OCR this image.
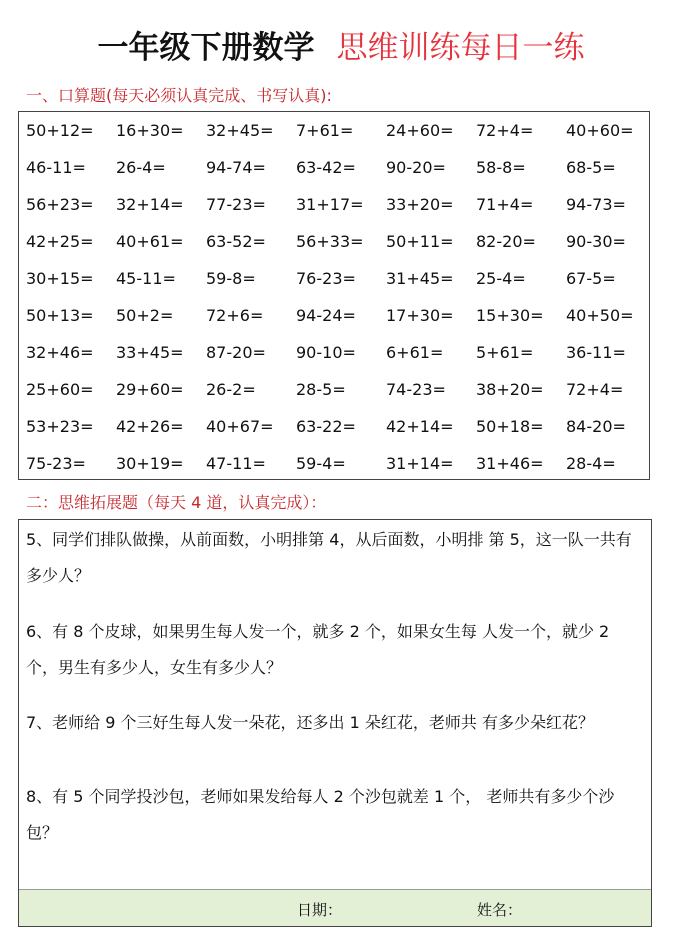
一年级下册数学 思维训练每日一练
一、口算题(每天必须认真完成、书写认真):
50+12=	16+30=	32+45=	7+61=	24+60=	72+4=	40+60=
46-11=	26-4=	94-74=	63-42=	90-20=	58-8=	68-5=
56+23=	32+14=	77-23=	31+17=	33+20=	71+4=	94-73=
42+25=	40+61=	63-52=	56+33=	50+11=	82-20=	90-30=
30+15=	45-11=	59-8=	76-23=	31+45=	25-4=	67-5=
50+13=	50+2=	72+6=	94-24=	17+30=	15+30=	40+50=
32+46=	33+45=	87-20=	90-10=	6+61=	5+61=	36-11=
25+60=	29+60=	26-2=	28-5=	74-23=	38+20=	72+4=
53+23=	42+26=	40+67=	63-22=	42+14=	50+18=	84-20=
75-23=	30+19=	47-11=	59-4=	31+14=	31+46=	28-4=
二：思维拓展题（每天 4 道，认真完成）：
5、同学们排队做操，从前面数，小明排第 4，从后面数，小明排 第 5，这一队一共有多少人？
6、有 8 个皮球，如果男生每人发一个，就多 2 个，如果女生每 人发一个，就少 2 个，男生有多少人，女生有多少人？
7、老师给 9 个三好生每人发一朵花，还多出 1 朵红花，老师共 有多少朵红花？
8、有 5 个同学投沙包，老师如果发给每人 2 个沙包就差 1 个， 老师共有多少个沙包？
日期：	姓名：
